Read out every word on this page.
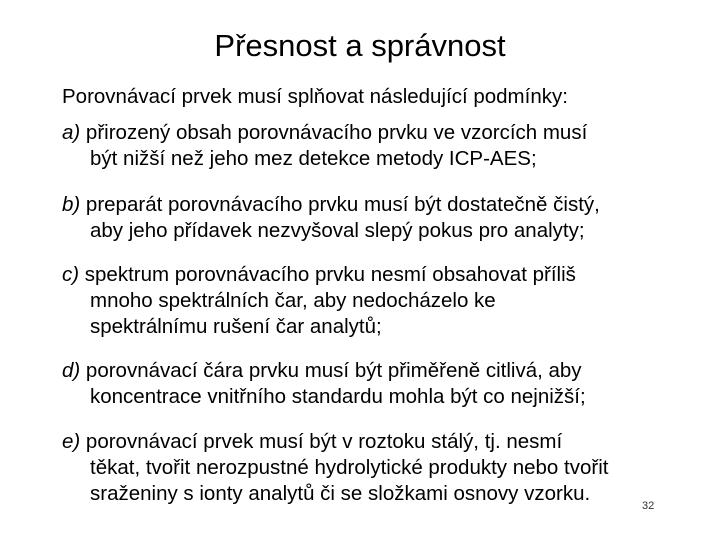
Přesnost a správnost
Porovnávací prvek musí splňovat následující podmínky:
a) přirozený obsah porovnávacího prvku ve vzorcích musí
být nižší než jeho mez detekce metody ICP-AES;
b) preparát porovnávacího prvku musí být dostatečně čistý,
aby jeho přídavek nezvyšoval slepý pokus pro analyty;
c) spektrum porovnávacího prvku nesmí obsahovat příliš
mnoho spektrálních čar, aby nedocházelo ke
spektrálnímu rušení čar analytů;
d) porovnávací čára prvku musí být přiměřeně citlivá, aby
koncentrace vnitřního standardu mohla být co nejnižší;
e) porovnávací prvek musí být v roztoku stálý, tj. nesmí
těkat, tvořit nerozpustné hydrolytické produkty nebo tvořit
sraženiny s ionty analytů či se složkami osnovy vzorku.
32
